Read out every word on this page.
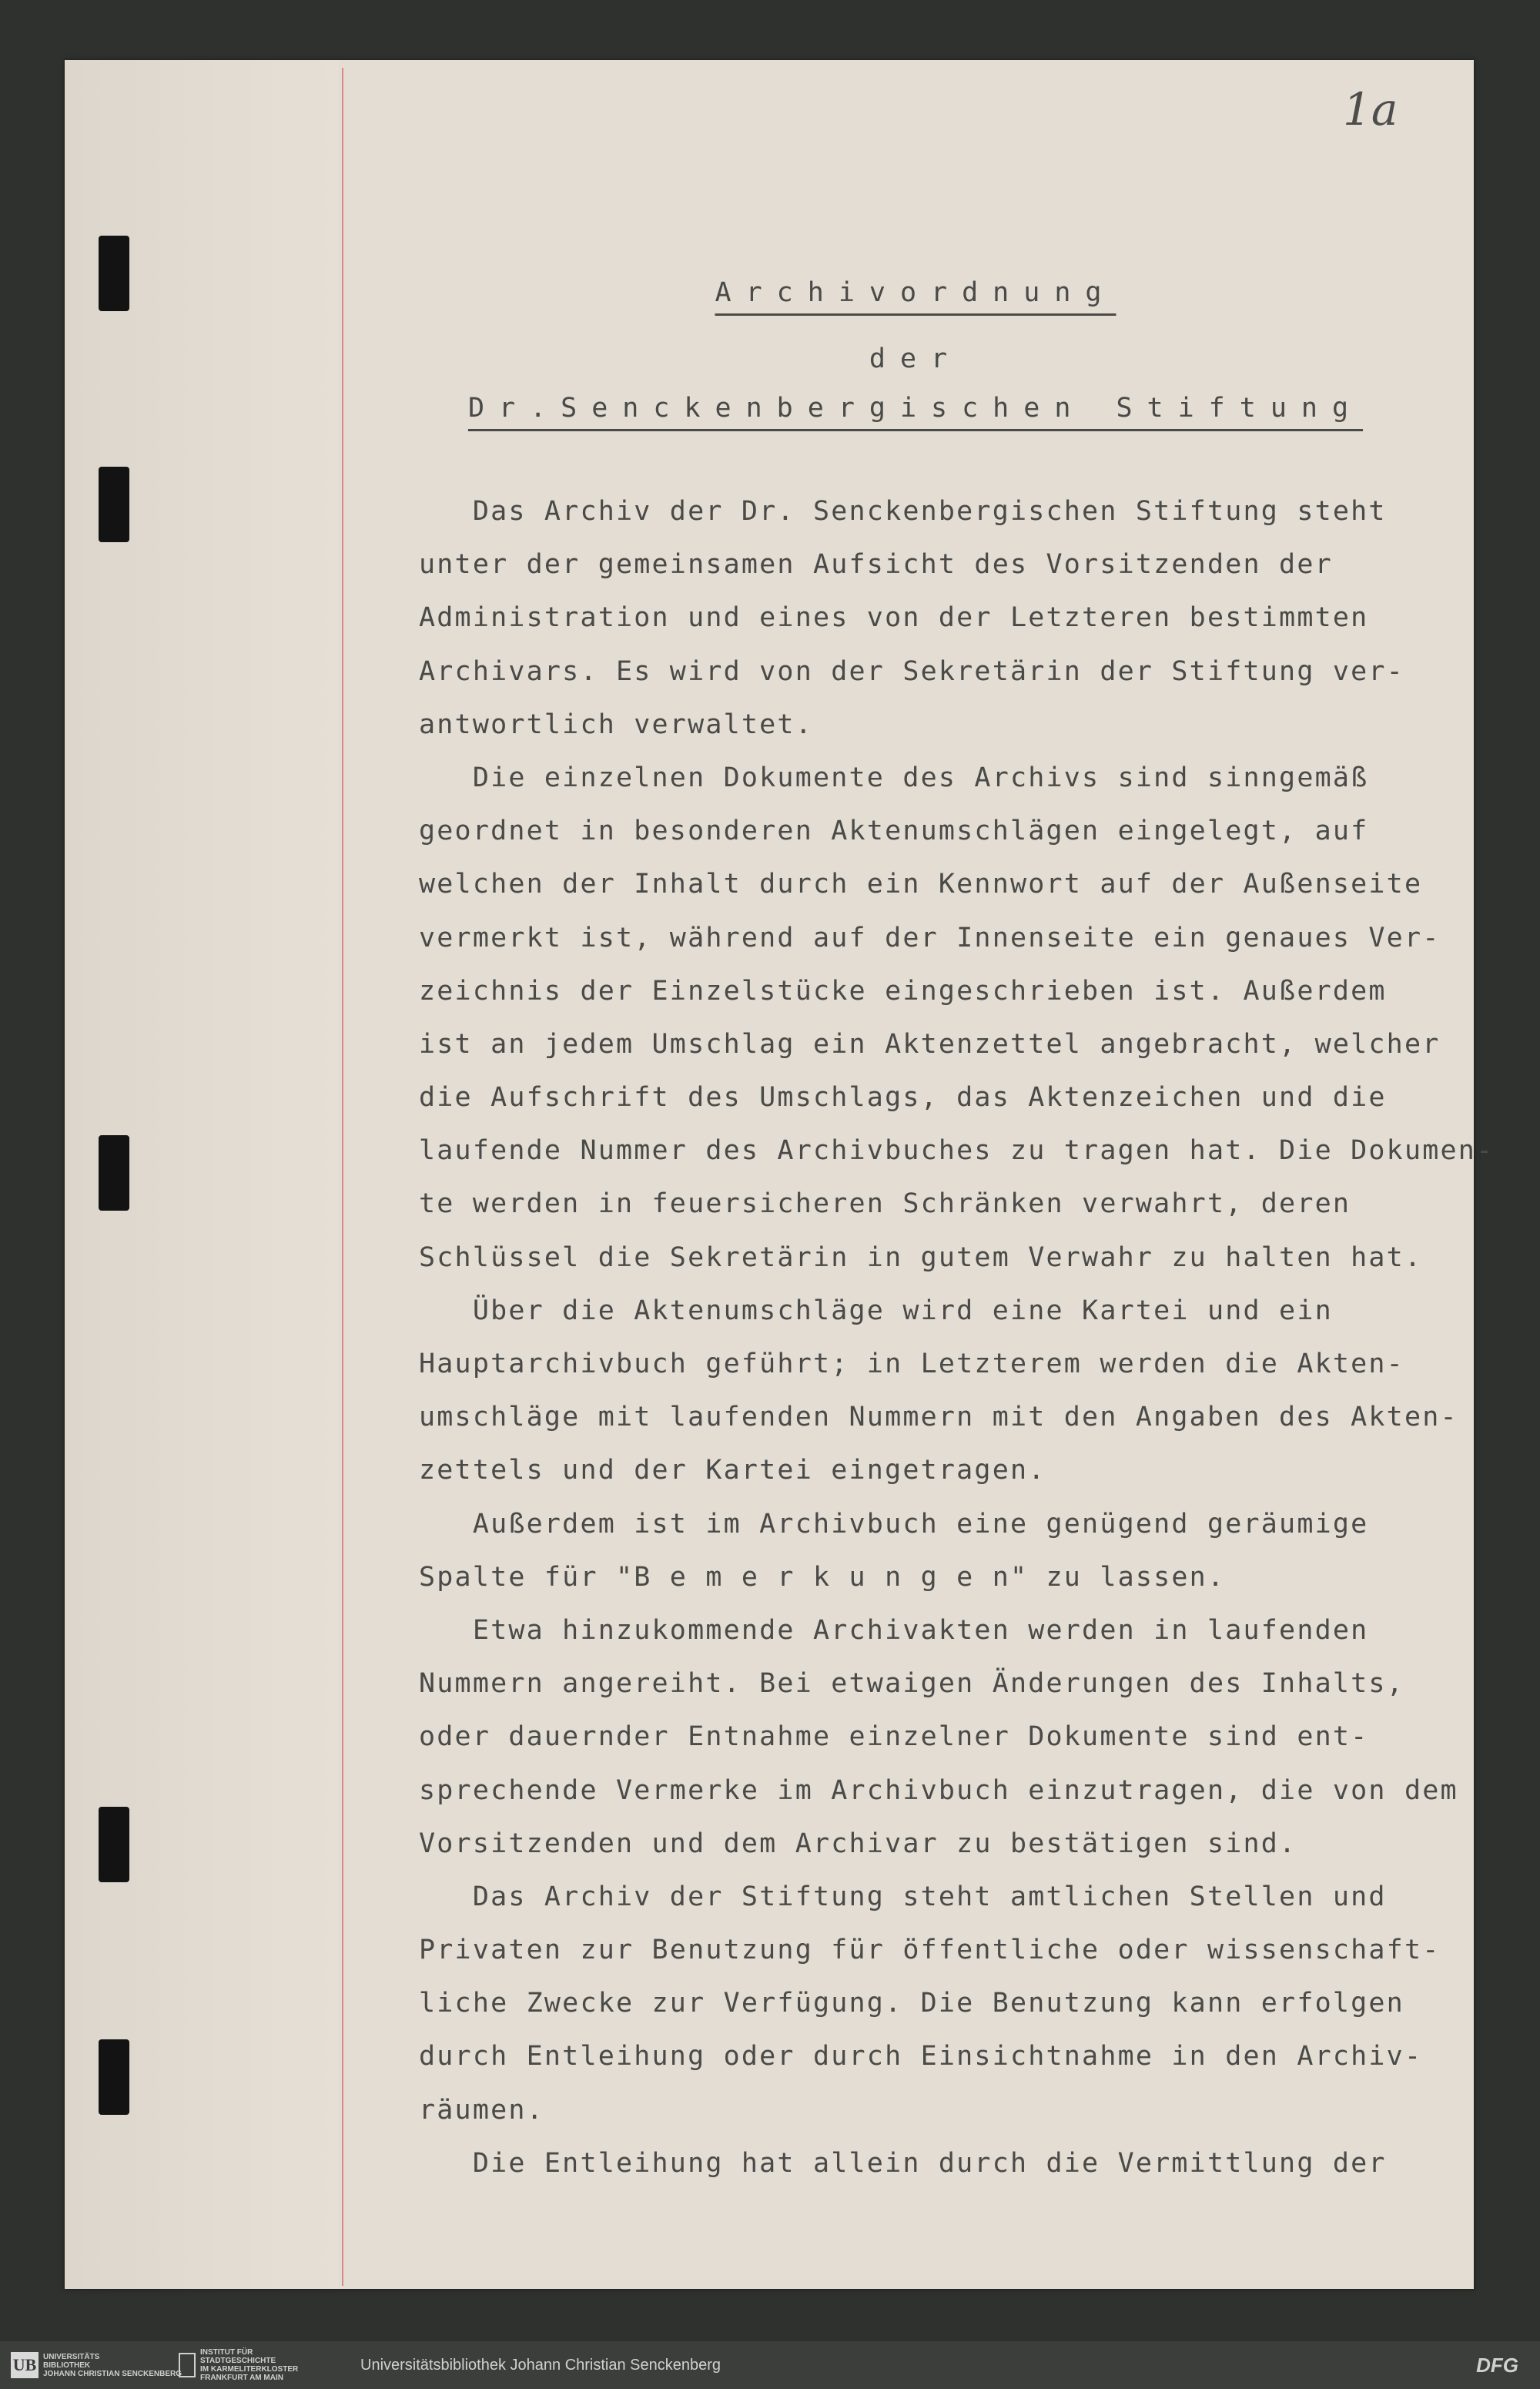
1a
Archivordnung
der
Dr.Senckenbergischen Stiftung
Das Archiv der Dr. Senckenbergischen Stiftung steht
unter der gemeinsamen Aufsicht des Vorsitzenden der
Administration und eines von der Letzteren bestimmten
Archivars. Es wird von der Sekretärin der Stiftung ver-
antwortlich verwaltet.
Die einzelnen Dokumente des Archivs sind sinngemäß
geordnet in besonderen Aktenumschlägen eingelegt, auf
welchen der Inhalt durch ein Kennwort auf der Außenseite
vermerkt ist, während auf der Innenseite ein genaues Ver-
zeichnis der Einzelstücke eingeschrieben ist. Außerdem
ist an jedem Umschlag ein Aktenzettel angebracht, welcher
die Aufschrift des Umschlags, das Aktenzeichen und die
laufende Nummer des Archivbuches zu tragen hat. Die Dokumen-
te werden in feuersicheren Schränken verwahrt, deren
Schlüssel die Sekretärin in gutem Verwahr zu halten hat.
Über die Aktenumschläge wird eine Kartei und ein
Hauptarchivbuch geführt; in Letzterem werden die Akten-
umschläge mit laufenden Nummern mit den Angaben des Akten-
zettels und der Kartei eingetragen.
Außerdem ist im Archivbuch eine genügend geräumige
Spalte für "B e m e r k u n g e n" zu lassen.
Etwa hinzukommende Archivakten werden in laufenden
Nummern angereiht. Bei etwaigen Änderungen des Inhalts,
oder dauernder Entnahme einzelner Dokumente sind ent-
sprechende Vermerke im Archivbuch einzutragen, die von dem
Vorsitzenden und dem Archivar zu bestätigen sind.
Das Archiv der Stiftung steht amtlichen Stellen und
Privaten zur Benutzung für öffentliche oder wissenschaft-
liche Zwecke zur Verfügung. Die Benutzung kann erfolgen
durch Entleihung oder durch Einsichtnahme in den Archiv-
räumen.
Die Entleihung hat allein durch die Vermittlung der
UB UNIVERSITÄTS
BIBLIOTHEK
JOHANN CHRISTIAN SENCKENBERG
INSTITUT FÜR
STADTGESCHICHTE
IM KARMELITERKLOSTER
FRANKFURT AM MAIN
Universitätsbibliothek Johann Christian Senckenberg	DFG
